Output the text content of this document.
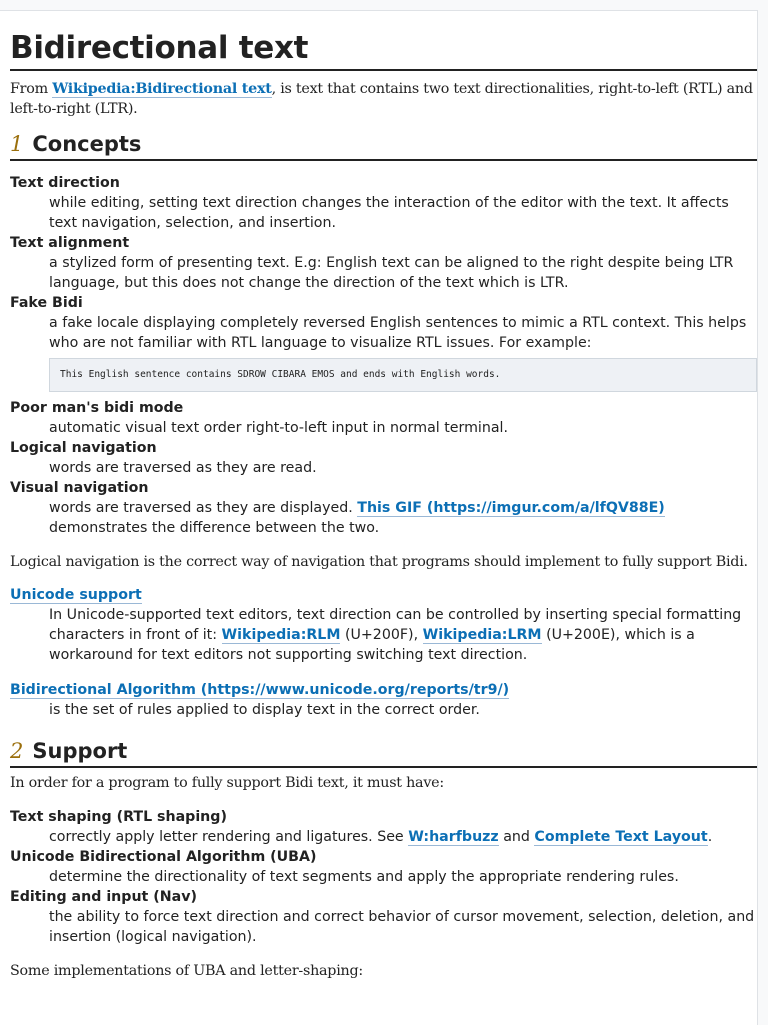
Bidirectional text

From Wikipedia:Bidirectional text, is text that contains two text directionalities, right-to-left (RTL) and left-to-right (LTR).

1 Concepts
Text direction
while editing, setting text direction changes the interaction of the editor with the text. It affects text navigation, selection, and insertion.
Text alignment
a stylized form of presenting text. E.g: English text can be aligned to the right despite being LTR language, but this does not change the direction of the text which is LTR.
Fake Bidi
a fake locale displaying completely reversed English sentences to mimic a RTL context. This helps who are not familiar with RTL language to visualize RTL issues. For example:
This English sentence contains SDROW CIBARA EMOS and ends with English words.
Poor man's bidi mode
automatic visual text order right-to-left input in normal terminal.
Logical navigation
words are traversed as they are read.
Visual navigation
words are traversed as they are displayed. This GIF (https://imgur.com/a/lfQV88E) demonstrates the difference between the two.

Logical navigation is the correct way of navigation that programs should implement to fully support Bidi.

Unicode support
In Unicode-supported text editors, text direction can be controlled by inserting special formatting characters in front of it: Wikipedia:RLM (U+200F), Wikipedia:LRM (U+200E), which is a workaround for text editors not supporting switching text direction.
Bidirectional Algorithm (https://www.unicode.org/reports/tr9/)
is the set of rules applied to display text in the correct order.
2 Support

In order for a program to fully support Bidi text, it must have:

Text shaping (RTL shaping)
correctly apply letter rendering and ligatures. See W:harfbuzz and Complete Text Layout.
Unicode Bidirectional Algorithm (UBA)
determine the directionality of text segments and apply the appropriate rendering rules.
Editing and input (Nav)
the ability to force text direction and correct behavior of cursor movement, selection, deletion, and insertion (logical navigation).

Some implementations of UBA and letter-shaping:
